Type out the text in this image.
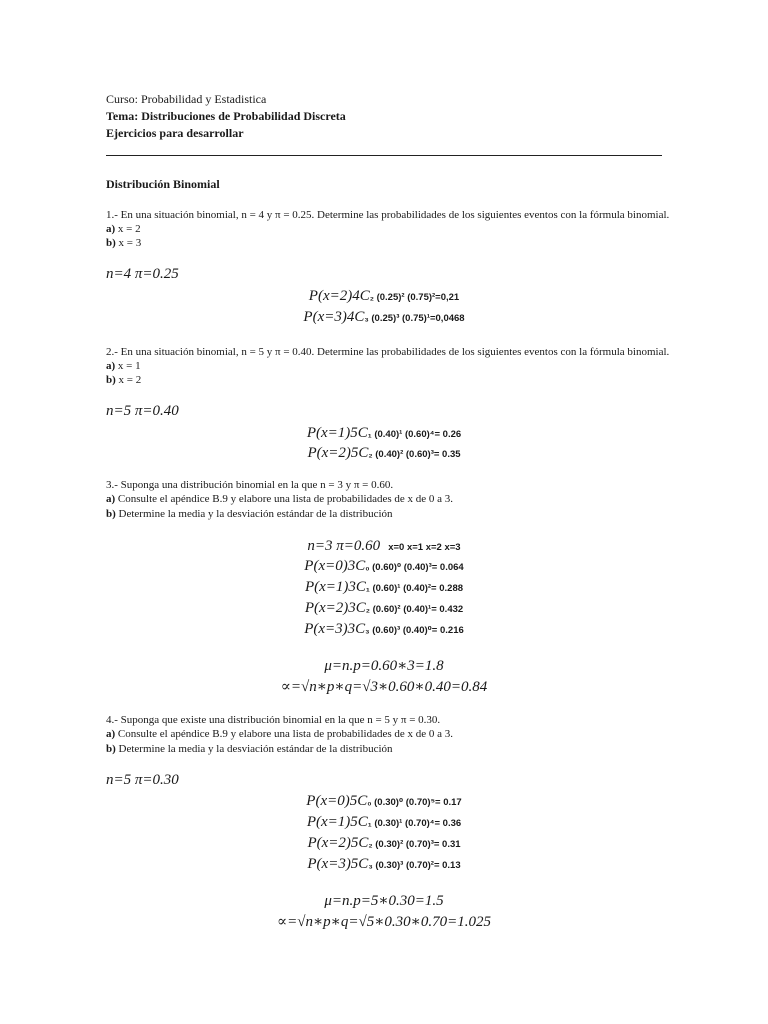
Curso: Probabilidad y Estadistica
Tema: Distribuciones de Probabilidad Discreta
Ejercicios para desarrollar
Distribución Binomial
1.- En una situación binomial, n = 4 y π = 0.25. Determine las probabilidades de los siguientes eventos con la fórmula binomial.
a) x = 2
b) x = 3
n=4 π=0.25
P(x=2)4C₂ (0.25)² (0.75)²=0,21
P(x=3)4C₃ (0.25)³ (0.75)¹=0,0468
2.- En una situación binomial, n = 5 y π = 0.40. Determine las probabilidades de los siguientes eventos con la fórmula binomial.
a) x = 1
b) x = 2
n=5 π=0.40
P(x=1)5C₁ (0.40)¹ (0.60)⁴= 0.26
P(x=2)5C₂ (0.40)² (0.60)³= 0.35
3.- Suponga una distribución binomial en la que n = 3 y π = 0.60.
a) Consulte el apéndice B.9 y elabore una lista de probabilidades de x de 0 a 3.
b) Determine la media y la desviación estándar de la distribución
n=3 π=0.60 x=0 x=1 x=2 x=3
P(x=0)3C₀ (0.60)⁰ (0.40)³= 0.064
P(x=1)3C₁ (0.60)¹ (0.40)²= 0.288
P(x=2)3C₂ (0.60)² (0.40)¹= 0.432
P(x=3)3C₃ (0.60)³ (0.40)⁰= 0.216
μ=n.p=0.60∗3=1.8
∝=√n∗p∗q=√3∗0.60∗0.40=0.84
4.- Suponga que existe una distribución binomial en la que n = 5 y π = 0.30.
a) Consulte el apéndice B.9 y elabore una lista de probabilidades de x de 0 a 3.
b) Determine la media y la desviación estándar de la distribución
n=5 π=0.30
P(x=0)5C₀ (0.30)⁰ (0.70)⁵= 0.17
P(x=1)5C₁ (0.30)¹ (0.70)⁴= 0.36
P(x=2)5C₂ (0.30)² (0.70)³= 0.31
P(x=3)5C₃ (0.30)³ (0.70)²= 0.13
μ=n.p=5∗0.30=1.5
∝=√n∗p∗q=√5∗0.30∗0.70=1.025
